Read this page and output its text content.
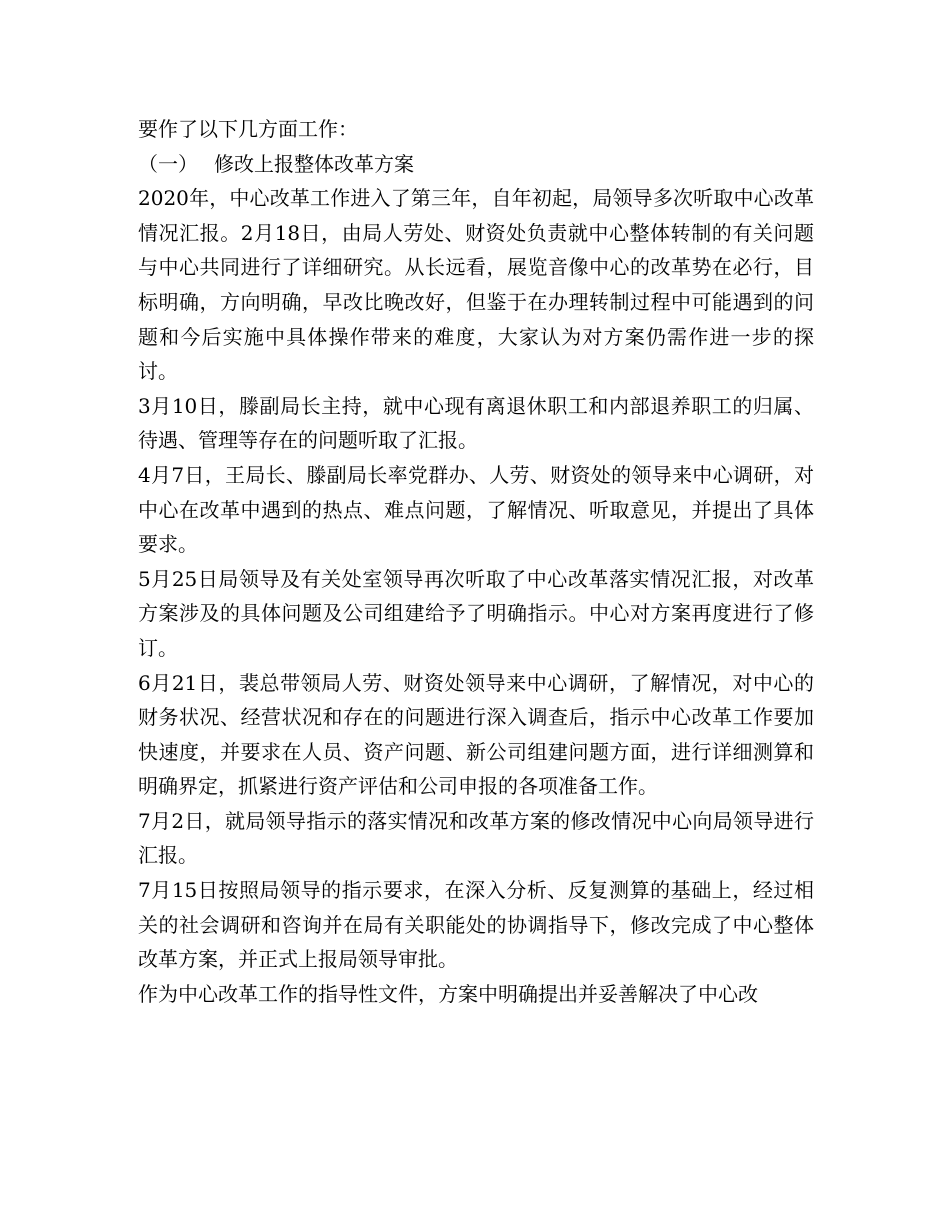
要作了以下几方面工作：

（一） 修改上报整体改革方案

2020年，中心改革工作进入了第三年，自年初起，局领导多次听取中心改革情况汇报。2月18日，由局人劳处、财资处负责就中心整体转制的有关问题与中心共同进行了详细研究。从长远看，展览音像中心的改革势在必行，目标明确，方向明确，早改比晚改好，但鉴于在办理转制过程中可能遇到的问题和今后实施中具体操作带来的难度，大家认为对方案仍需作进一步的探讨。

3月10日，滕副局长主持，就中心现有离退休职工和内部退养职工的归属、待遇、管理等存在的问题听取了汇报。

4月7日，王局长、滕副局长率党群办、人劳、财资处的领导来中心调研，对中心在改革中遇到的热点、难点问题，了解情况、听取意见，并提出了具体要求。

5月25日局领导及有关处室领导再次听取了中心改革落实情况汇报，对改革方案涉及的具体问题及公司组建给予了明确指示。中心对方案再度进行了修订。

6月21日，裴总带领局人劳、财资处领导来中心调研，了解情况，对中心的财务状况、经营状况和存在的问题进行深入调查后，指示中心改革工作要加快速度，并要求在人员、资产问题、新公司组建问题方面，进行详细测算和明确界定，抓紧进行资产评估和公司申报的各项准备工作。

7月2日，就局领导指示的落实情况和改革方案的修改情况中心向局领导进行汇报。

7月15日按照局领导的指示要求，在深入分析、反复测算的基础上，经过相关的社会调研和咨询并在局有关职能处的协调指导下，修改完成了中心整体改革方案，并正式上报局领导审批。

作为中心改革工作的指导性文件，方案中明确提出并妥善解决了中心改
